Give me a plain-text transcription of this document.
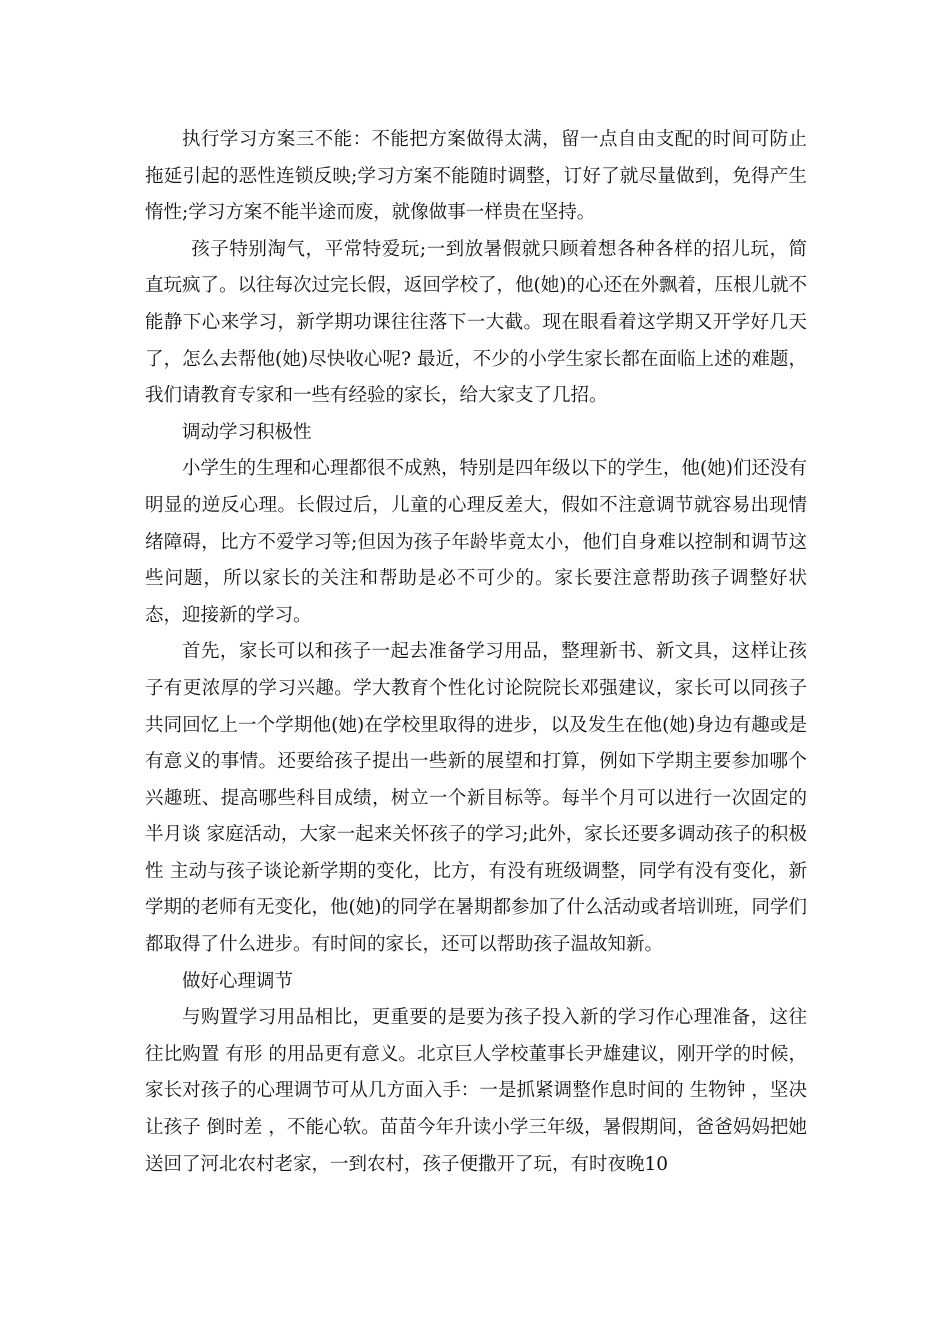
执行学习方案三不能：不能把方案做得太满，留一点自由支配的时间可防止拖延引起的恶性连锁反映;学习方案不能随时调整，订好了就尽量做到，免得产生惰性;学习方案不能半途而废，就像做事一样贵在坚持。

孩子特别淘气，平常特爱玩;一到放暑假就只顾着想各种各样的招儿玩，简直玩疯了。以往每次过完长假，返回学校了，他(她)的心还在外飘着，压根儿就不能静下心来学习，新学期功课往往落下一大截。现在眼看着这学期又开学好几天了，怎么去帮他(她)尽快收心呢? 最近，不少的小学生家长都在面临上述的难题，我们请教育专家和一些有经验的家长，给大家支了几招。

调动学习积极性

小学生的生理和心理都很不成熟，特别是四年级以下的学生，他(她)们还没有明显的逆反心理。长假过后，儿童的心理反差大，假如不注意调节就容易出现情绪障碍，比方不爱学习等;但因为孩子年龄毕竟太小，他们自身难以控制和调节这些问题，所以家长的关注和帮助是必不可少的。家长要注意帮助孩子调整好状态，迎接新的学习。

首先，家长可以和孩子一起去准备学习用品，整理新书、新文具，这样让孩子有更浓厚的学习兴趣。学大教育个性化讨论院院长邓强建议，家长可以同孩子共同回忆上一个学期他(她)在学校里取得的进步，以及发生在他(她)身边有趣或是有意义的事情。还要给孩子提出一些新的展望和打算，例如下学期主要参加哪个兴趣班、提高哪些科目成绩，树立一个新目标等。每半个月可以进行一次固定的 半月谈 家庭活动，大家一起来关怀孩子的学习;此外，家长还要多调动孩子的积极性 主动与孩子谈论新学期的变化，比方，有没有班级调整，同学有没有变化，新学期的老师有无变化，他(她)的同学在暑期都参加了什么活动或者培训班，同学们都取得了什么进步。有时间的家长，还可以帮助孩子温故知新。

做好心理调节

与购置学习用品相比，更重要的是要为孩子投入新的学习作心理准备，这往往比购置 有形 的用品更有意义。北京巨人学校董事长尹雄建议，刚开学的时候，家长对孩子的心理调节可从几方面入手：一是抓紧调整作息时间的 生物钟 ，坚决让孩子 倒时差 ，不能心软。苗苗今年升读小学三年级，暑假期间，爸爸妈妈把她送回了河北农村老家，一到农村，孩子便撒开了玩，有时夜晚10
